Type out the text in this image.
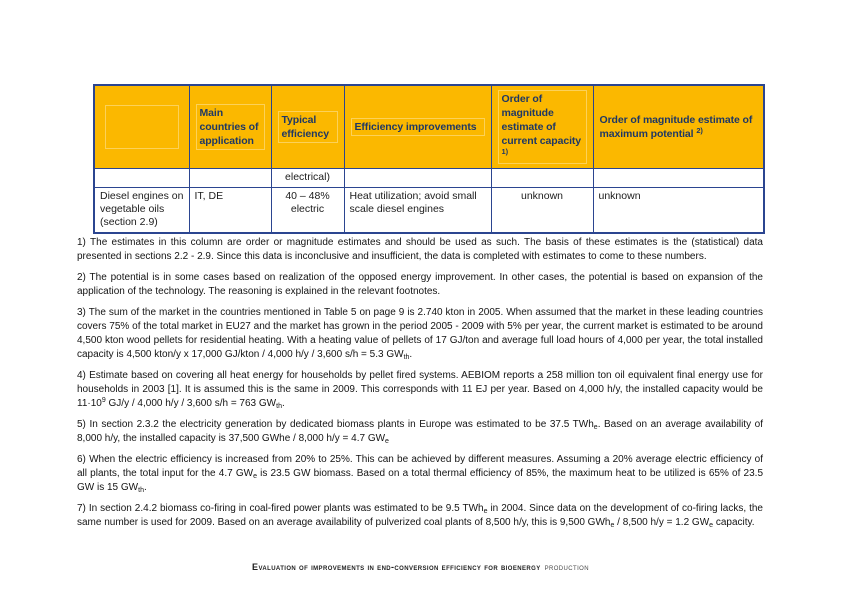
	Main countries of application	Typical efficiency	Efficiency improvements	Order of magnitude estimate of current capacity $^{1)}$	Order of magnitude estimate of maximum potential $^{2)}$
		electrical)			
Diesel engines on vegetable oils (section 2.9)	IT, DE	40 – 48% electric	Heat utilization; avoid small scale diesel engines	unknown	unknown

1) The estimates in this column are order or magnitude estimates and should be used as such. The basis of these estimates is the (statistical) data presented in sections 2.2 - 2.9. Since this data is inconclusive and insufficient, the data is completed with estimates to come to these numbers.

2) The potential is in some cases based on realization of the opposed energy improvement. In other cases, the potential is based on expansion of the application of the technology. The reasoning is explained in the relevant footnotes.

3) The sum of the market in the countries mentioned in Table 5 on page 9 is 2.740 kton in 2005. When assumed that the market in these leading countries covers 75% of the total market in EU27 and the market has grown in the period 2005 - 2009 with 5% per year, the current market is estimated to be around 4,500 kton wood pellets for residential heating. With a heating value of pellets of 17 GJ/ton and average full load hours of 4,000 per year, the total installed capacity is 4,500 kton/y x 17,000 GJ/kton / 4,000 h/y / 3,600 s/h = 5.3 $GW_{th}$.

4) Estimate based on covering all heat energy for households by pellet fired systems. AEBIOM reports a 258 million ton oil equivalent final energy use for households in 2003 [1]. It is assumed this is the same in 2009. This corresponds with 11 EJ per year. Based on 4,000 h/y, the installed capacity would be $11\cdot 10^9$ GJ/y / 4,000 h/y / 3,600 s/h = 763 $GW_{th}$.

5) In section 2.3.2 the electricity generation by dedicated biomass plants in Europe was estimated to be 37.5 TWh$_e$. Based on an average availability of 8,000 h/y, the installed capacity is 37,500 GWhe / 8,000 h/y = 4.7 $GW_e$

6) When the electric efficiency is increased from 20% to 25%. This can be achieved by different measures. Assuming a 20% average electric efficiency of all plants, the total input for the 4.7 $GW_e$ is 23.5 GW biomass. Based on a total thermal efficiency of 85%, the maximum heat to be utilized is 65% of 23.5 GW is 15 $GW_{th}$.

7) In section 2.4.2 biomass co-firing in coal-fired power plants was estimated to be 9.5 TWh$_e$ in 2004. Since data on the development of co-firing lacks, the same number is used for 2009. Based on an average availability of pulverized coal plants of 8,500 h/y, this is 9,500 GWh$_e$ / 8,500 h/y = 1.2 $GW_e$ capacity.

Evaluation of improvements in end-conversion efficiency for bioenergy production
